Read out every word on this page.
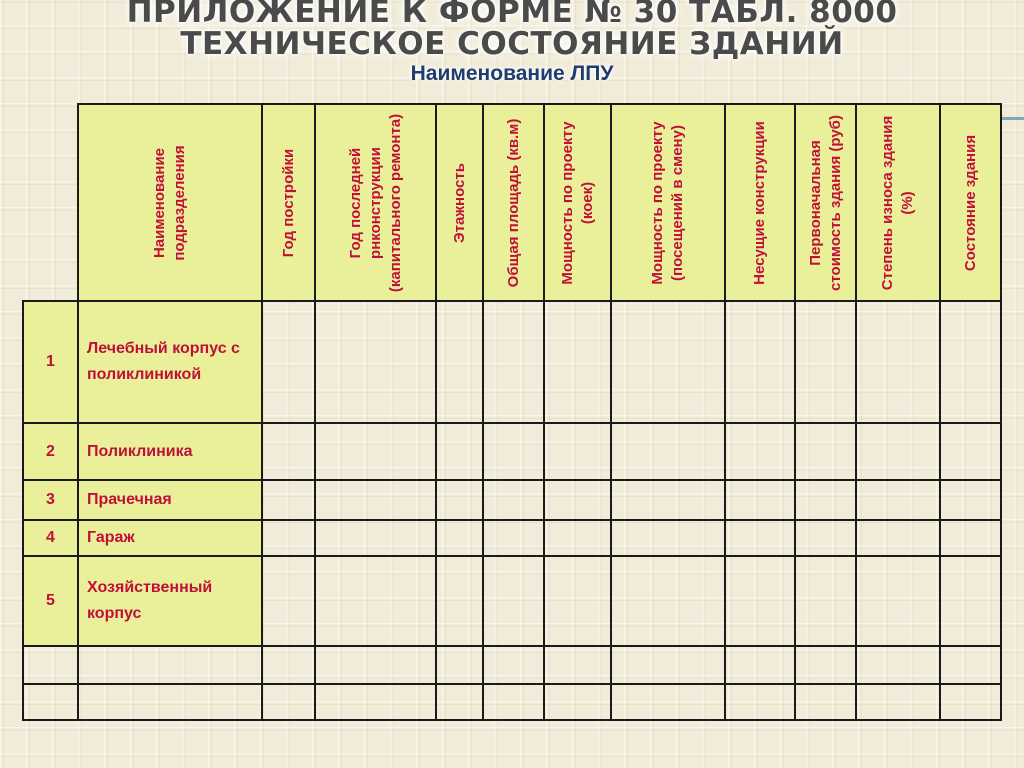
ПРИЛОЖЕНИЕ К ФОРМЕ № 30 ТАБЛ. 8000
ТЕХНИЧЕСКОЕ СОСТОЯНИЕ ЗДАНИЙ
Наименование ЛПУ

	Наименование подразделения	Год постройки	Год последней рнконструкции (капитального ремонта)	Этажность	Общая площадь (кв.м)	Мощность по проекту (коек)	Мощность по проекту (посещений в смену)	Несущие конструкции	Первоначальная стоимость здания (руб)	Степень износа здания (%)	Состояние здания

1	Лечебный корпус с поликлиникой										
2	Поликлиника										
3	Прачечная										
4	Гараж										
5	Хозяйственный корпус										
